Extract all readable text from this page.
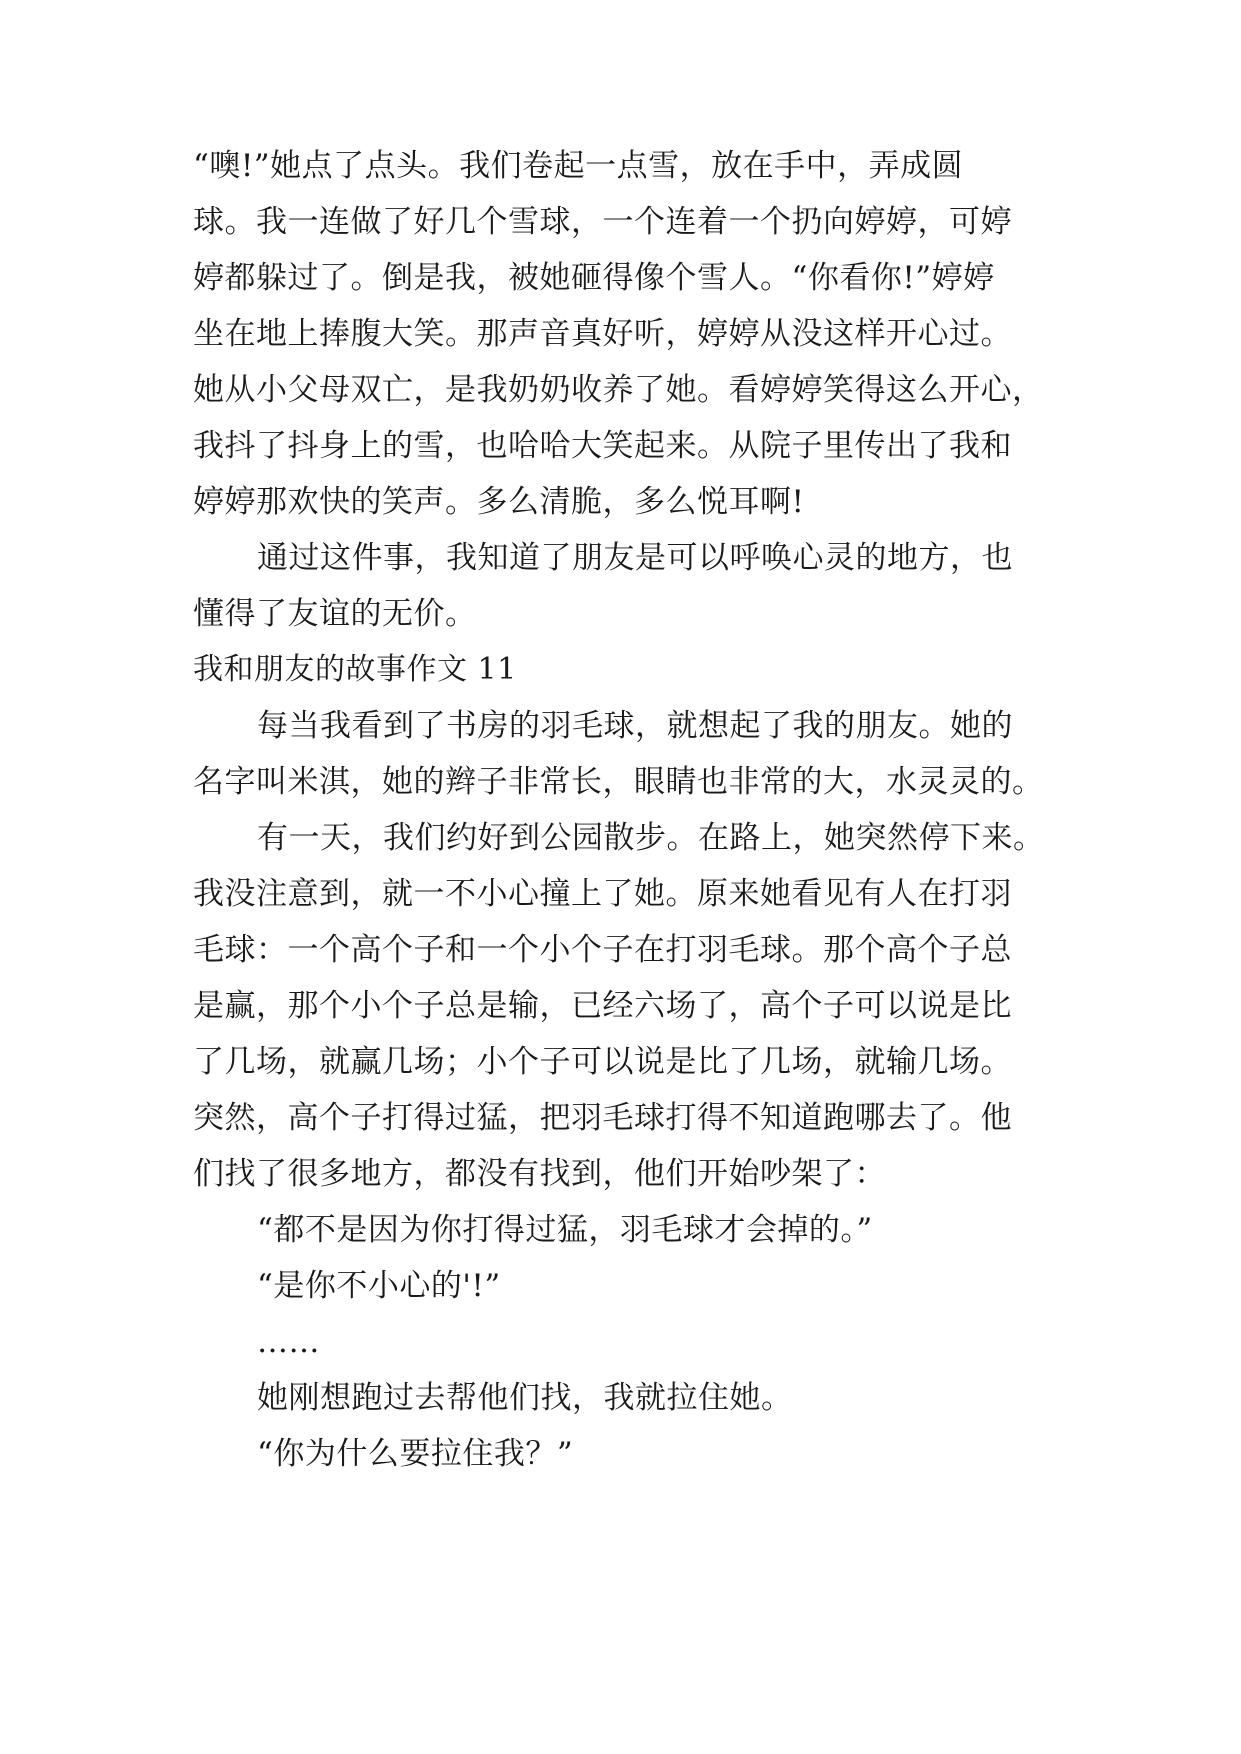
“噢!”她点了点头。我们卷起一点雪，放在手中，弄成圆
球。我一连做了好几个雪球，一个连着一个扔向婷婷，可婷
婷都躲过了。倒是我，被她砸得像个雪人。“你看你!”婷婷
坐在地上捧腹大笑。那声音真好听，婷婷从没这样开心过。
她从小父母双亡，是我奶奶收养了她。看婷婷笑得这么开心，
我抖了抖身上的雪，也哈哈大笑起来。从院子里传出了我和
婷婷那欢快的笑声。多么清脆，多么悦耳啊!
通过这件事，我知道了朋友是可以呼唤心灵的地方，也
懂得了友谊的无价。
我和朋友的故事作文 11
每当我看到了书房的羽毛球，就想起了我的朋友。她的
名字叫米淇，她的辫子非常长，眼睛也非常的大，水灵灵的。
有一天，我们约好到公园散步。在路上，她突然停下来。
我没注意到，就一不小心撞上了她。原来她看见有人在打羽
毛球：一个高个子和一个小个子在打羽毛球。那个高个子总
是赢，那个小个子总是输，已经六场了，高个子可以说是比
了几场，就赢几场；小个子可以说是比了几场，就输几场。
突然，高个子打得过猛，把羽毛球打得不知道跑哪去了。他
们找了很多地方，都没有找到，他们开始吵架了：
“都不是因为你打得过猛，羽毛球才会掉的。”
“是你不小心的'!”
……
她刚想跑过去帮他们找，我就拉住她。
“你为什么要拉住我？”
